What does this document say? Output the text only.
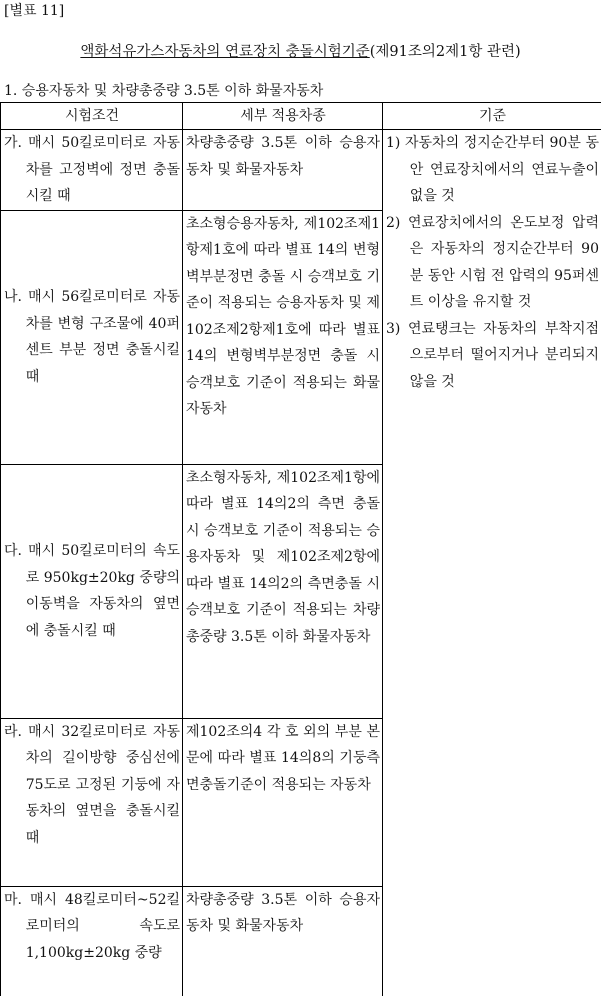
[별표 11]
액화석유가스자동차의 연료장치 충돌시험기준(제91조의2제1항 관련)
1. 승용자동차 및 차량총중량 3.5톤 이하 화물자동차
시험조건	세부 적용차종	기준

가. 매시 50킬로미터로 자동차를 고정벽에 정면 충돌시킬 때	차량총중량 3.5톤 이하 승용자동차 및 화물자동차	1) 자동차의 정지순간부터 90분 동안 연료장치에서의 연료누출이 없을 것
2) 연료장치에서의 온도보정 압력은 자동차의 정지순간부터 90분 동안 시험 전 압력의 95퍼센트 이상을 유지할 것
3) 연료탱크는 자동차의 부착지점으로부터 떨어지거나 분리되지 않을 것

나. 매시 56킬로미터로 자동차를 변형 구조물에 40퍼센트 부분 정면 충돌시킬 때	초소형승용자동차, 제102조제1항제1호에 따라 별표 14의 변형벽부분정면 충돌 시 승객보호 기준이 적용되는 승용자동차 및 제102조제2항제1호에 따라 별표 14의 변형벽부분정면 충돌 시 승객보호 기준이 적용되는 화물자동차	

다. 매시 50킬로미터의 속도로 950kg±20kg 중량의 이동벽을 자동차의 옆면에 충돌시킬 때	초소형자동차, 제102조제1항에 따라 별표 14의2의 측면 충돌 시 승객보호 기준이 적용되는 승용자동차 및 제102조제2항에 따라 별표 14의2의 측면충돌 시 승객보호 기준이 적용되는 차량총중량 3.5톤 이하 화물자동차	

라. 매시 32킬로미터로 자동차의 길이방향 중심선에 75도로 고정된 기둥에 자동차의 옆면을 충돌시킬 때	제102조의4 각 호 외의 부분 본문에 따라 별표 14의8의 기둥측면충돌기준이 적용되는 자동차	

마. 매시 48킬로미터~52킬로미터의 속도로 1,100kg±20kg 중량	차량총중량 3.5톤 이하 승용자동차 및 화물자동차	
